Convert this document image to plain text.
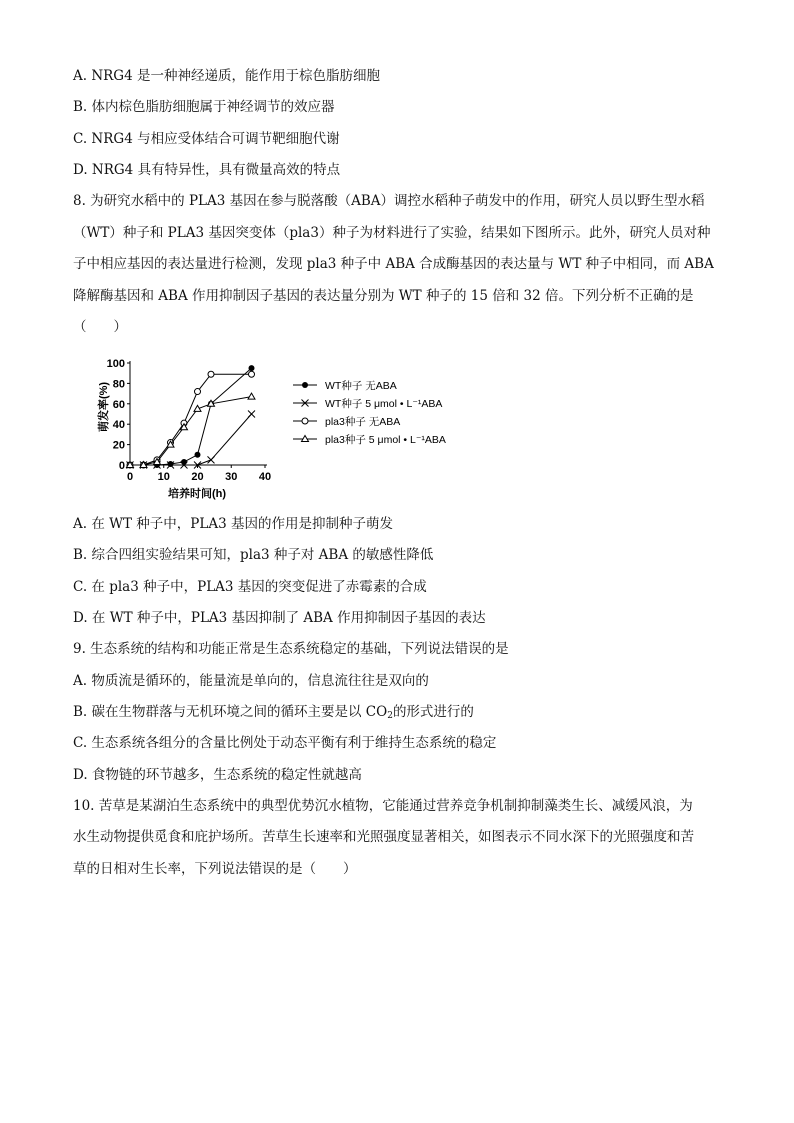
A. NRG4 是一种神经递质，能作用于棕色脂肪细胞
B. 体内棕色脂肪细胞属于神经调节的效应器
C. NRG4 与相应受体结合可调节靶细胞代谢
D. NRG4 具有特异性，具有微量高效的特点
8. 为研究水稻中的 PLA3 基因在参与脱落酸（ABA）调控水稻种子萌发中的作用，研究人员以野生型水稻
（WT）种子和 PLA3 基因突变体（pla3）种子为材料进行了实验，结果如下图所示。此外，研究人员对种
子中相应基因的表达量进行检测，发现 pla3 种子中 ABA 合成酶基因的表达量与 WT 种子中相同，而 ABA
降解酶基因和 ABA 作用抑制因子基因的表达量分别为 WT 种子的 15 倍和 32 倍。下列分析不正确的是
（　　）
0 10 20 30 40
0
20
40
60
80
100
WT种子 无ABA
WT种子 5 μmol • L⁻¹ABA
pla3种子 无ABA
pla3种子 5 μmol • L⁻¹ABA
萌发率(%)
培养时间(h)
A. 在 WT 种子中，PLA3 基因的作用是抑制种子萌发
B. 综合四组实验结果可知，pla3 种子对 ABA 的敏感性降低
C. 在 pla3 种子中，PLA3 基因的突变促进了赤霉素的合成
D. 在 WT 种子中，PLA3 基因抑制了 ABA 作用抑制因子基因的表达
9. 生态系统的结构和功能正常是生态系统稳定的基础，下列说法错误的是
A. 物质流是循环的，能量流是单向的，信息流往往是双向的
B. 碳在生物群落与无机环境之间的循环主要是以 $CO_2$的形式进行的
C. 生态系统各组分的含量比例处于动态平衡有利于维持生态系统的稳定
D. 食物链的环节越多，生态系统的稳定性就越高
10. 苦草是某湖泊生态系统中的典型优势沉水植物，它能通过营养竞争机制抑制藻类生长、减缓风浪，为
水生动物提供觅食和庇护场所。苦草生长速率和光照强度显著相关，如图表示不同水深下的光照强度和苦
草的日相对生长率，下列说法错误的是（　　）
